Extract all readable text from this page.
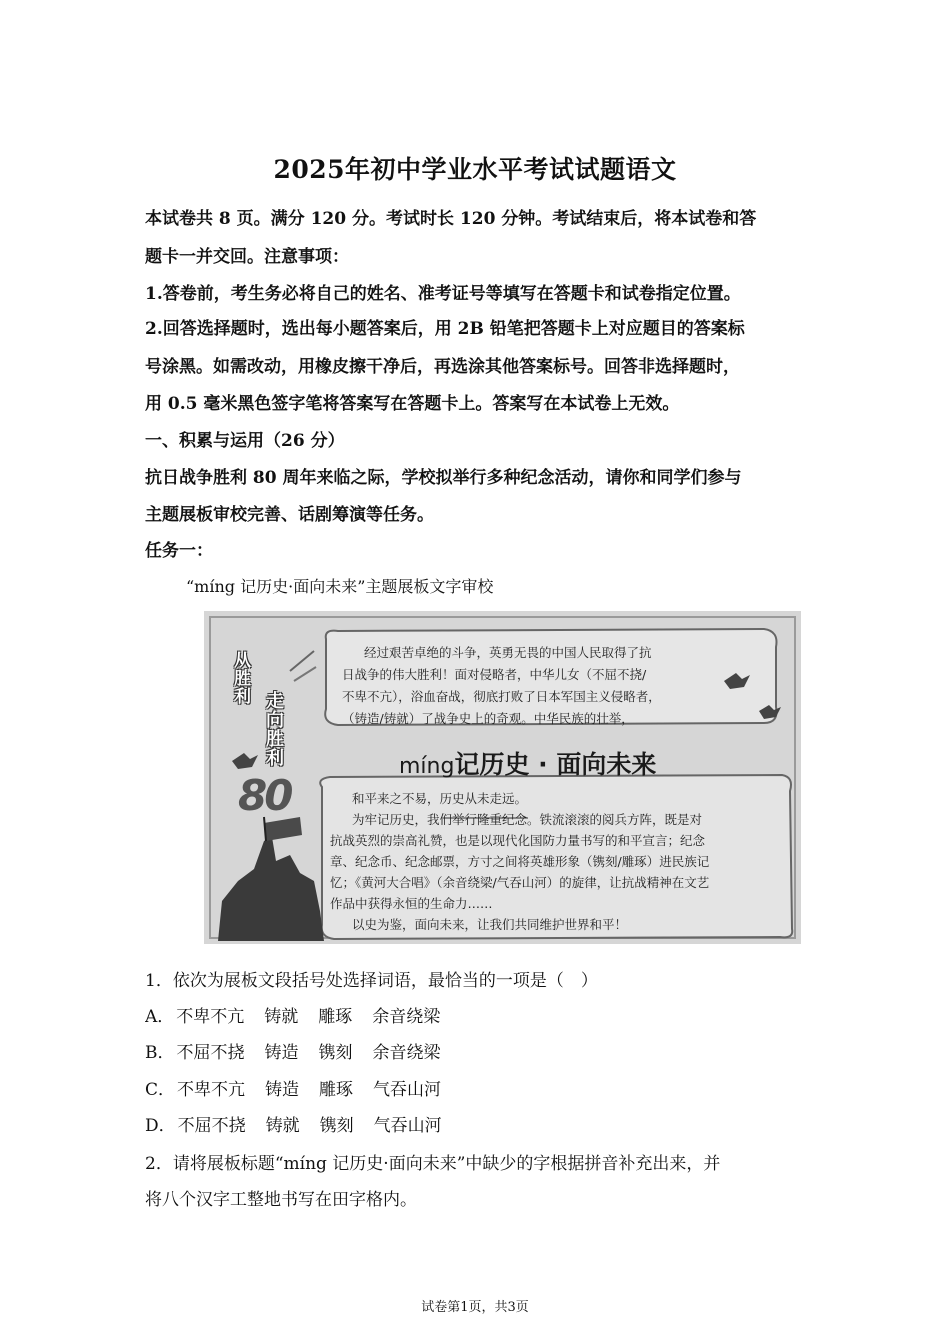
2025年初中学业水平考试试题语文
本试卷共 8 页。满分 120 分。考试时长 120 分钟。考试结束后，将本试卷和答
题卡一并交回。注意事项：
1.答卷前，考生务必将自己的姓名、准考证号等填写在答题卡和试卷指定位置。
2.回答选择题时，选出每小题答案后，用 2B 铅笔把答题卡上对应题目的答案标
号涂黑。如需改动，用橡皮擦干净后，再选涂其他答案标号。回答非选择题时，
用 0.5 毫米黑色签字笔将答案写在答题卡上。答案写在本试卷上无效。
一、积累与运用（26 分）
抗日战争胜利 80 周年来临之际，学校拟举行多种纪念活动，请你和同学们参与
主题展板审校完善、话剧筹演等任务。
任务一：
“míng 记历史·面向未来”主题展板文字审校
从胜利
走向胜利
80
经过艰苦卓绝的斗争，英勇无畏的中国人民取得了抗
日战争的伟大胜利！面对侵略者，中华儿女（不屈不挠/
不卑不亢），浴血奋战，彻底打败了日本军国主义侵略者，
（铸造/铸就）了战争史上的奇观。中华民族的壮举，
míng记历史 · 面向未来
和平来之不易，历史从未走远。
为牢记历史，我们举行隆重纪念。铁流滚滚的阅兵方阵，既是对
抗战英烈的崇高礼赞，也是以现代化国防力量书写的和平宣言；纪念
章、纪念币、纪念邮票，方寸之间将英雄形象（镌刻/雕琢）进民族记
忆；《黄河大合唱》（余音绕梁/气吞山河）的旋律，让抗战精神在文艺
作品中获得永恒的生命力……
以史为鉴，面向未来，让我们共同维护世界和平！
1．依次为展板文段括号处选择词语，最恰当的一项是（　）
A． 不卑不亢 铸就 雕琢 余音绕梁
B． 不屈不挠 铸造 镌刻 余音绕梁
C． 不卑不亢 铸造 雕琢 气吞山河
D． 不屈不挠 铸就 镌刻 气吞山河
2．请将展板标题“míng 记历史·面向未来”中缺少的字根据拼音补充出来，并
将八个汉字工整地书写在田字格内。
试卷第1页，共3页
